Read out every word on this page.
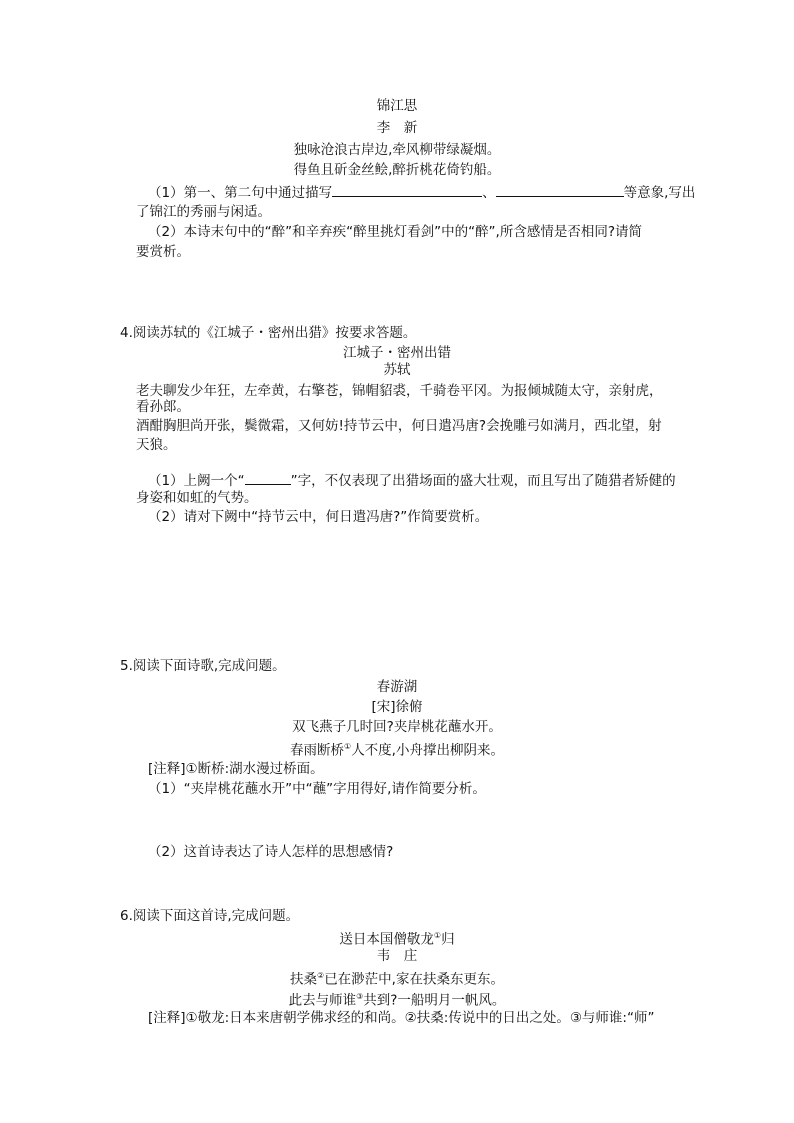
锦江思
李　新
独咏沧浪古岸边,牵风柳带绿凝烟。
得鱼且斫金丝鲙,醉折桃花倚钓船。
（1）第一、第二句中通过描写	、	等意象,写出
了锦江的秀丽与闲适。
（2）本诗末句中的“醉”和辛弃疾“醉里挑灯看剑”中的“醉”,所含感情是否相同?请简
要赏析。
4.阅读苏轼的《江城子・密州出猎》按要求答题。
江城子・密州出错
苏轼
老夫聊发少年狂，左牵黄，右擎苍，锦帽貂裘，千骑卷平冈。为报倾城随太守，亲射虎，
看孙郎。
酒酣胸胆尚开张，鬓微霜，又何妨!持节云中，何日遣冯唐?会挽雕弓如满月，西北望，射
天狼。
（1）上阙一个“	”字，不仅表现了出猎场面的盛大壮观，而且写出了随猎者矫健的
身姿和如虹的气势。
（2）请对下阙中“持节云中，何日遣冯唐?”作简要赏析。
5.阅读下面诗歌,完成问题。
春游湖
[宋]徐俯
双飞燕子几时回?夹岸桃花蘸水开。
春雨断桥①人不度,小舟撑出柳阴来。
[注释]①断桥:湖水漫过桥面。
（1）“夹岸桃花蘸水开”中“蘸”字用得好,请作简要分析。
（2）这首诗表达了诗人怎样的思想感情?
6.阅读下面这首诗,完成问题。
送日本国僧敬龙①归
韦　庄
扶桑②已在渺茫中,家在扶桑东更东。
此去与师谁③共到?一船明月一帆风。
[注释]①敬龙:日本来唐朝学佛求经的和尚。②扶桑:传说中的日出之处。③与师谁:“师”
